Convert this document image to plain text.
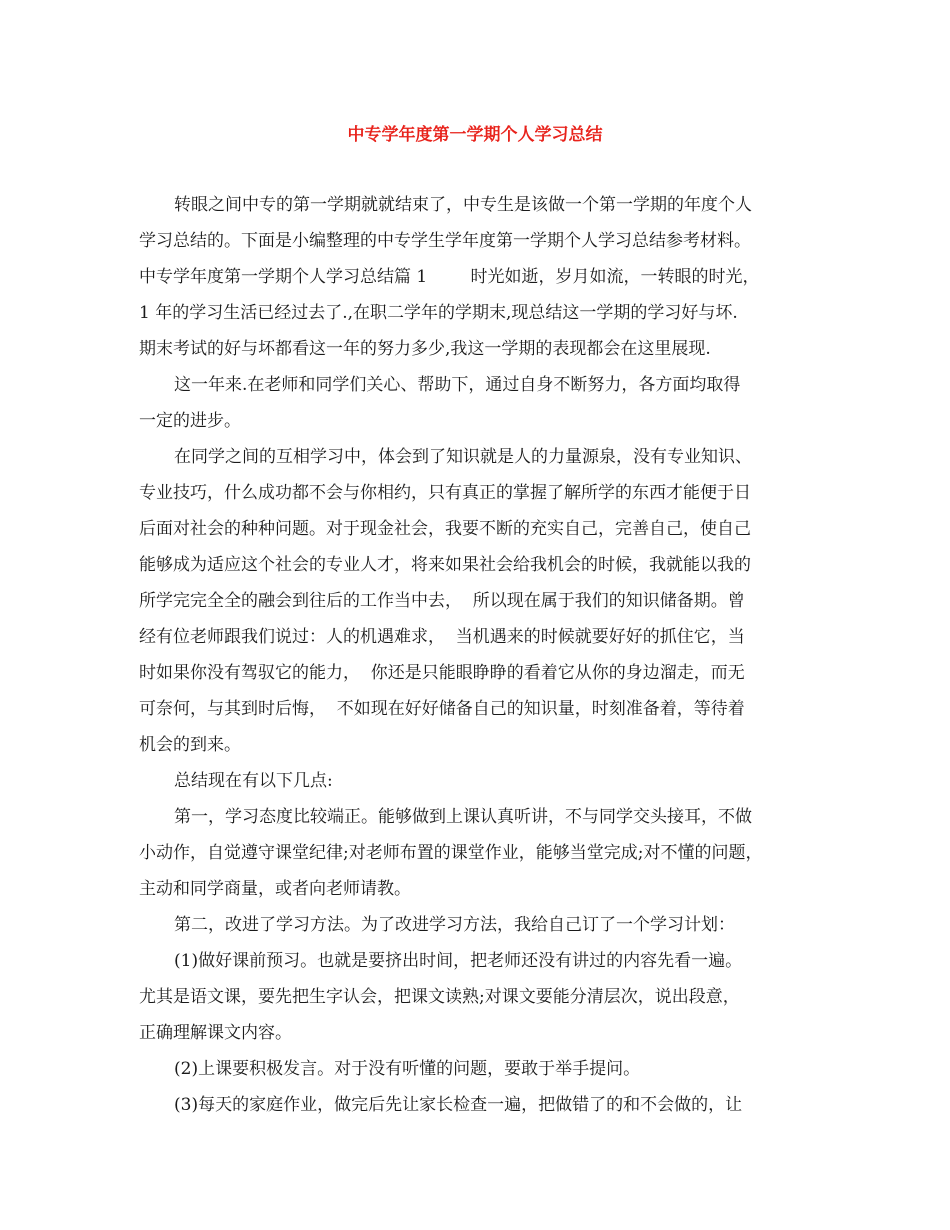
中专学年度第一学期个人学习总结
转眼之间中专的第一学期就就结束了，中专生是该做一个第一学期的年度个人
学习总结的。下面是小编整理的中专学生学年度第一学期个人学习总结参考材料。
中专学年度第一学期个人学习总结篇 1        时光如逝，岁月如流，一转眼的时光，
1 年的学习生活已经过去了.,在职二学年的学期末,现总结这一学期的学习好与坏.
期末考试的好与坏都看这一年的努力多少,我这一学期的表现都会在这里展现.
这一年来.在老师和同学们关心、帮助下，通过自身不断努力，各方面均取得
一定的进步。
在同学之间的互相学习中，体会到了知识就是人的力量源泉，没有专业知识、
专业技巧，什么成功都不会与你相约，只有真正的掌握了解所学的东西才能便于日
后面对社会的种种问题。对于现金社会，我要不断的充实自己，完善自己，使自己
能够成为适应这个社会的专业人才，将来如果社会给我机会的时候，我就能以我的
所学完完全全的融会到往后的工作当中去，  所以现在属于我们的知识储备期。曾
经有位老师跟我们说过：人的机遇难求，  当机遇来的时候就要好好的抓住它，当
时如果你没有驾驭它的能力，  你还是只能眼睁睁的看着它从你的身边溜走，而无
可奈何，与其到时后悔，  不如现在好好储备自己的知识量，时刻准备着，等待着
机会的到来。
总结现在有以下几点:
第一，学习态度比较端正。能够做到上课认真听讲，不与同学交头接耳，不做
小动作，自觉遵守课堂纪律;对老师布置的课堂作业，能够当堂完成;对不懂的问题，
主动和同学商量，或者向老师请教。
第二，改进了学习方法。为了改进学习方法，我给自己订了一个学习计划：
(1)做好课前预习。也就是要挤出时间，把老师还没有讲过的内容先看一遍。
尤其是语文课，要先把生字认会，把课文读熟;对课文要能分清层次，说出段意，
正确理解课文内容。
(2)上课要积极发言。对于没有听懂的问题，要敢于举手提问。
(3)每天的家庭作业，做完后先让家长检查一遍，把做错了的和不会做的，让
